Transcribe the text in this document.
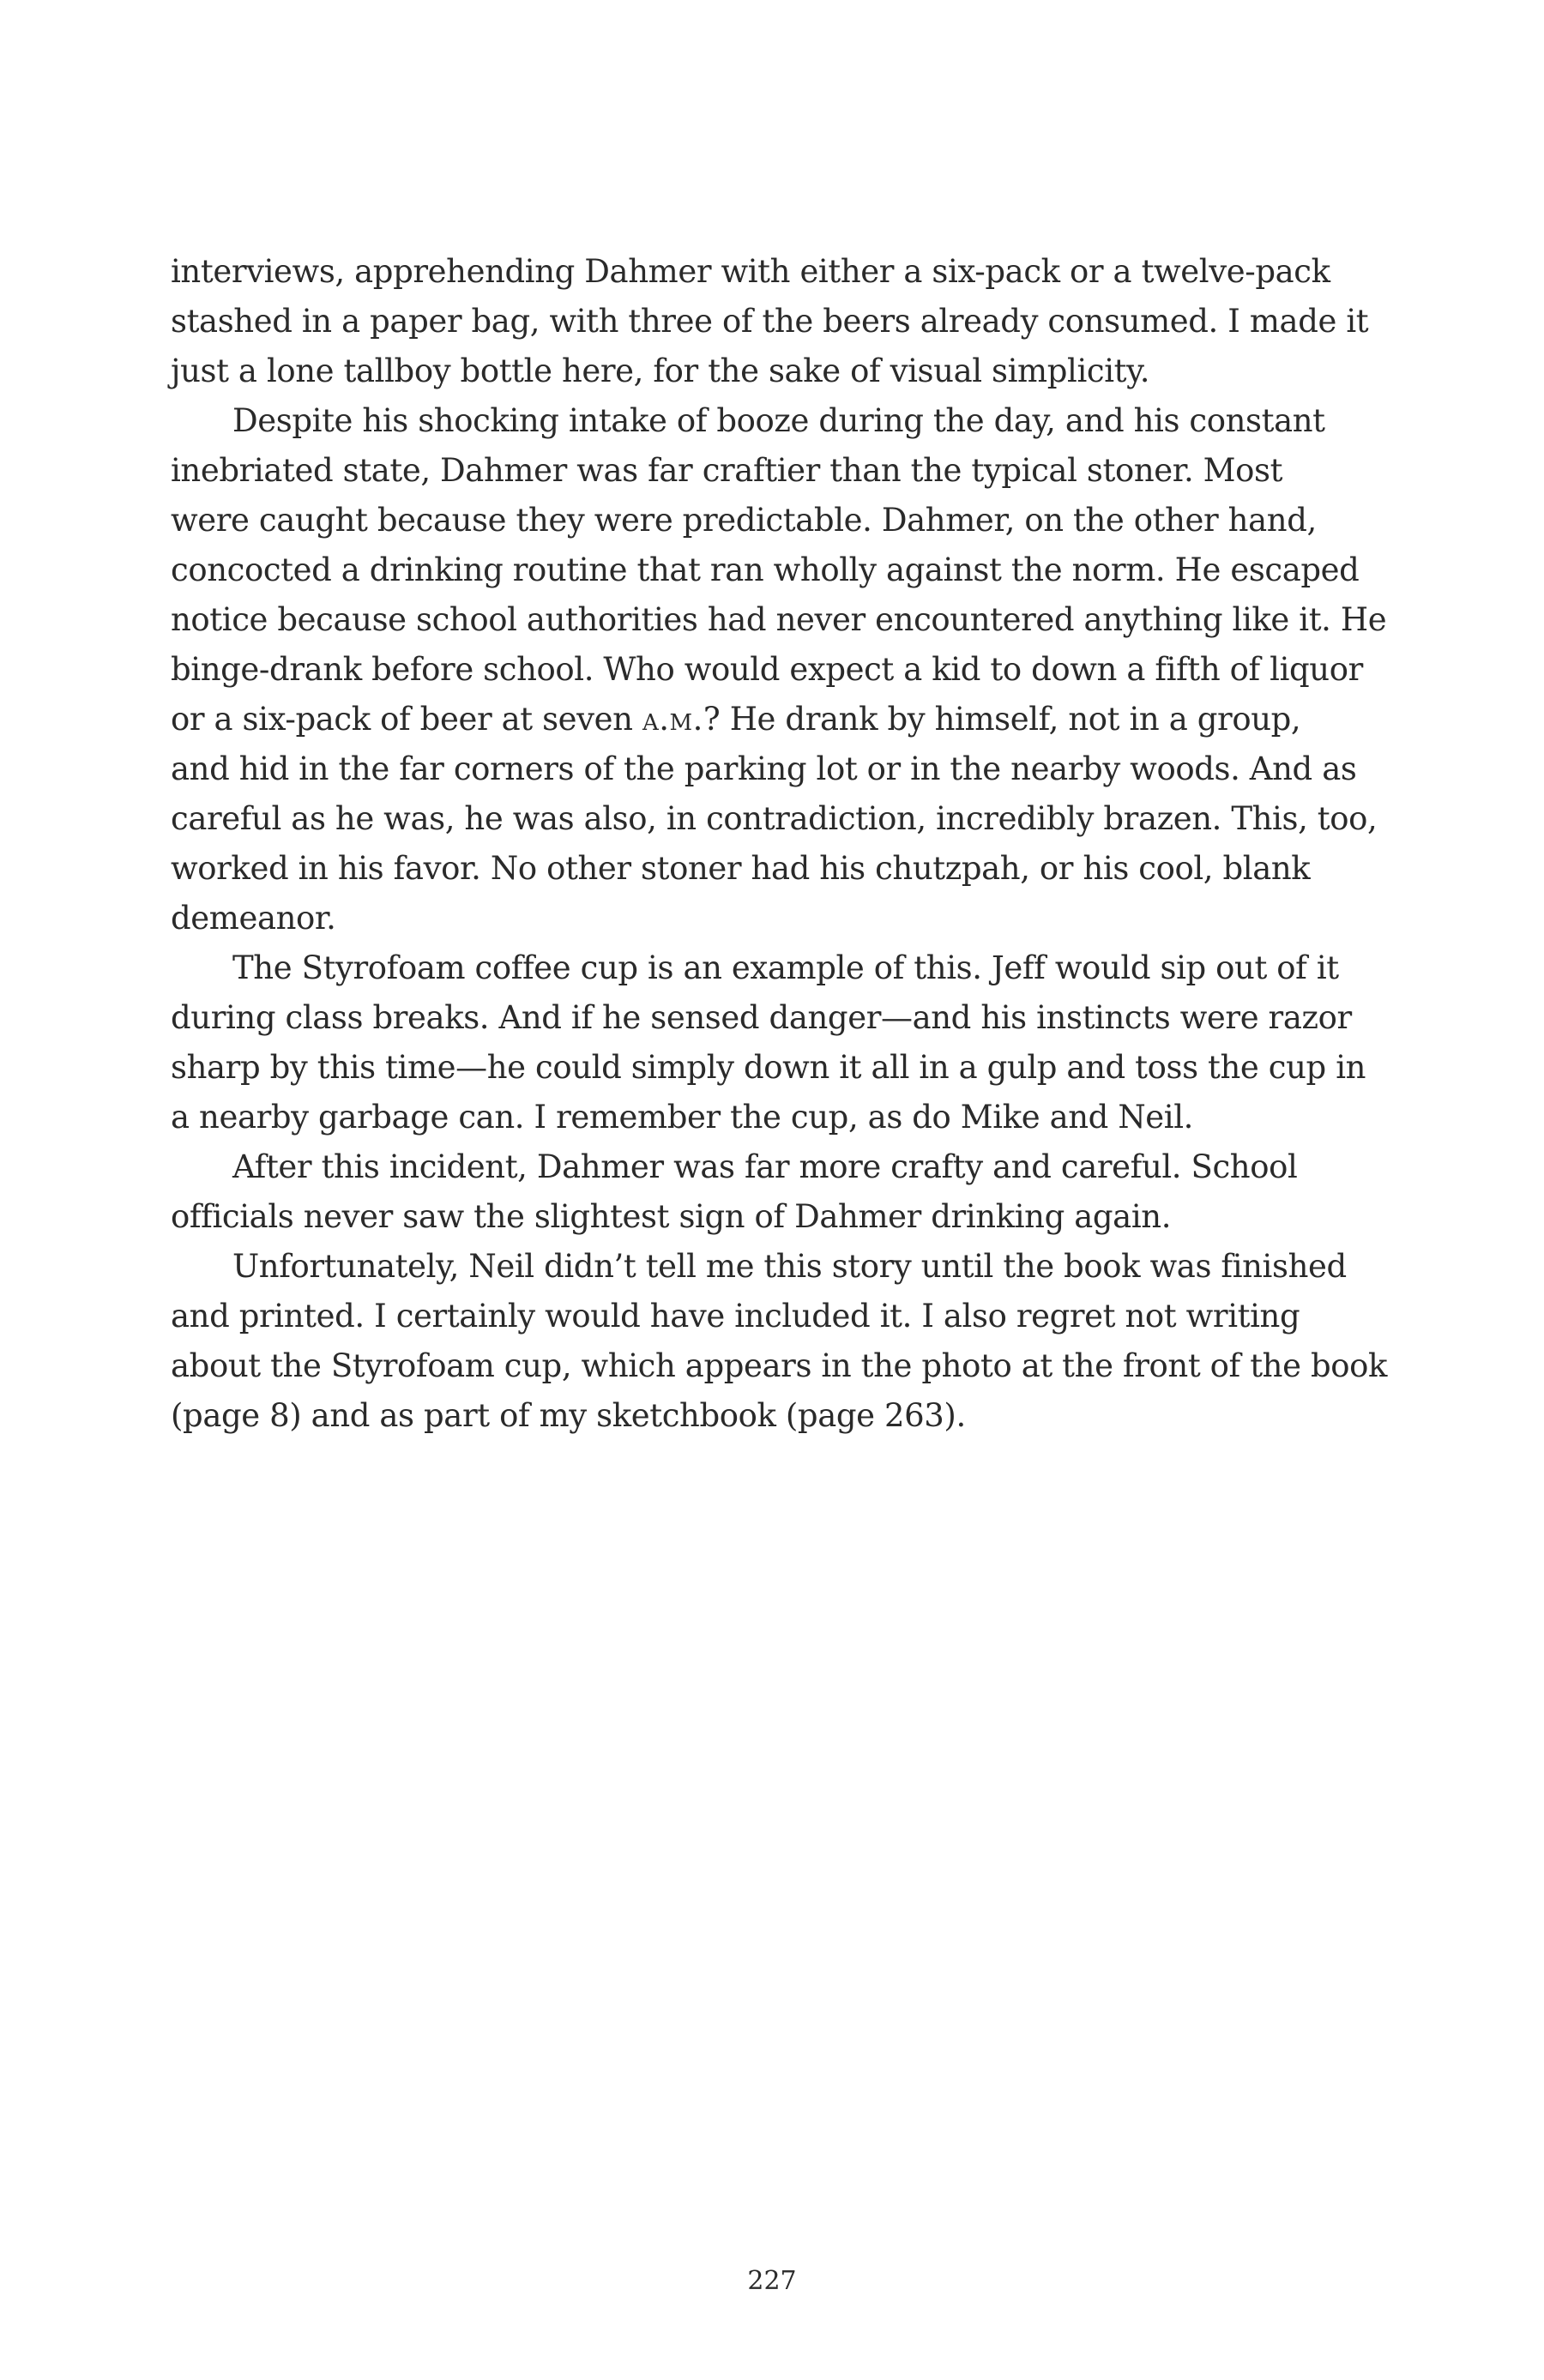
interviews, apprehending Dahmer with either a six-pack or a twelve-pack
stashed in a paper bag, with three of the beers already consumed. I made it
just a lone tallboy bottle here, for the sake of visual simplicity.
Despite his shocking intake of booze during the day, and his constant
inebriated state, Dahmer was far craftier than the typical stoner. Most
were caught because they were predictable. Dahmer, on the other hand,
concocted a drinking routine that ran wholly against the norm. He escaped
notice because school authorities had never encountered anything like it. He
binge-drank before school. Who would expect a kid to down a fifth of liquor
or a six-pack of beer at seven a.m.? He drank by himself, not in a group,
and hid in the far corners of the parking lot or in the nearby woods. And as
careful as he was, he was also, in contradiction, incredibly brazen. This, too,
worked in his favor. No other stoner had his chutzpah, or his cool, blank
demeanor.
The Styrofoam coffee cup is an example of this. Jeff would sip out of it
during class breaks. And if he sensed danger—and his instincts were razor
sharp by this time—he could simply down it all in a gulp and toss the cup in
a nearby garbage can. I remember the cup, as do Mike and Neil.
After this incident, Dahmer was far more crafty and careful. School
officials never saw the slightest sign of Dahmer drinking again.
Unfortunately, Neil didn’t tell me this story until the book was finished
and printed. I certainly would have included it. I also regret not writing
about the Styrofoam cup, which appears in the photo at the front of the book
(page 8) and as part of my sketchbook (page 263).
227
